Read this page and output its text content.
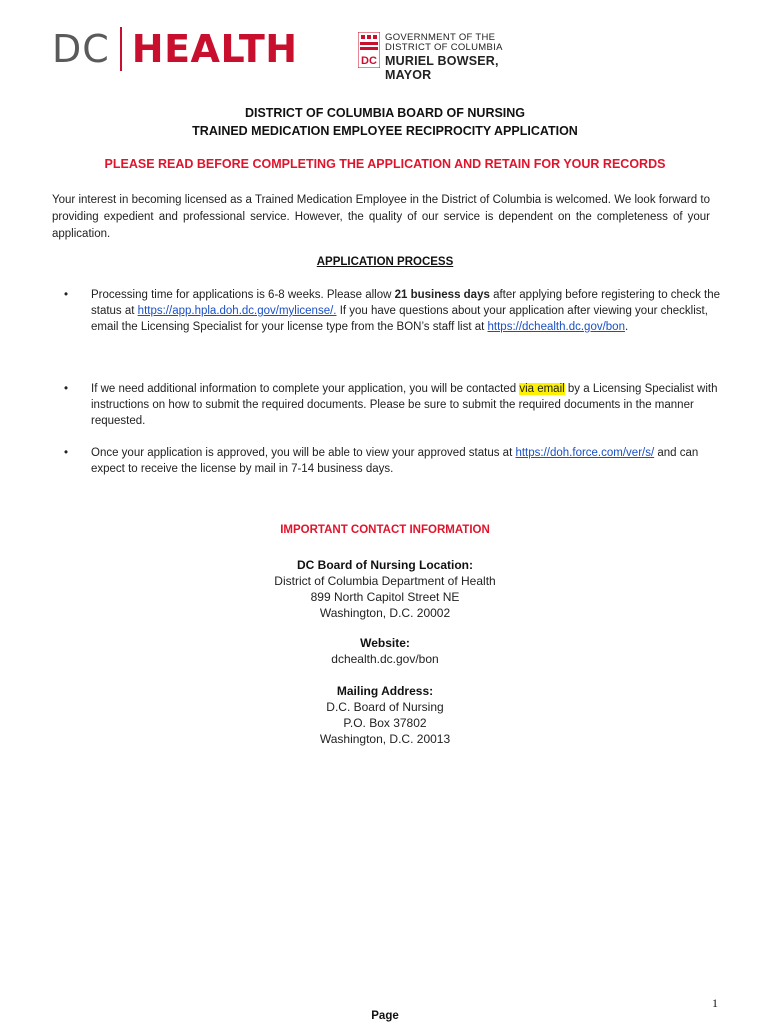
DC HEALTH	DC
GOVERNMENT OF THE
DISTRICT OF COLUMBIA
MURIEL BOWSER, MAYOR
DISTRICT OF COLUMBIA BOARD OF NURSING
TRAINED MEDICATION EMPLOYEE RECIPROCITY APPLICATION
PLEASE READ BEFORE COMPLETING THE APPLICATION AND RETAIN FOR YOUR RECORDS
Your interest in becoming licensed as a Trained Medication Employee in the District of Columbia is welcomed. We look forward to providing expedient and professional service. However, the quality of our service is dependent on the completeness of your application.
APPLICATION PROCESS
• Processing time for applications is 6-8 weeks. Please allow 21 business days after applying before registering to check the status at https://app.hpla.doh.dc.gov/mylicense/. If you have questions about your application after viewing your checklist, email the Licensing Specialist for your license type from the BON’s staff list at https://dchealth.dc.gov/bon.
• If we need additional information to complete your application, you will be contacted via email by a Licensing Specialist with instructions on how to submit the required documents. Please be sure to submit the required documents in the manner requested.
• Once your application is approved, you will be able to view your approved status at https://doh.force.com/ver/s/ and can expect to receive the license by mail in 7-14 business days.
IMPORTANT CONTACT INFORMATION
DC Board of Nursing Location:
District of Columbia Department of Health
899 North Capitol Street NE
Washington, D.C. 20002
Website:
dchealth.dc.gov/bon
Mailing Address:
D.C. Board of Nursing
P.O. Box 37802
Washington, D.C. 20013
1
Page
